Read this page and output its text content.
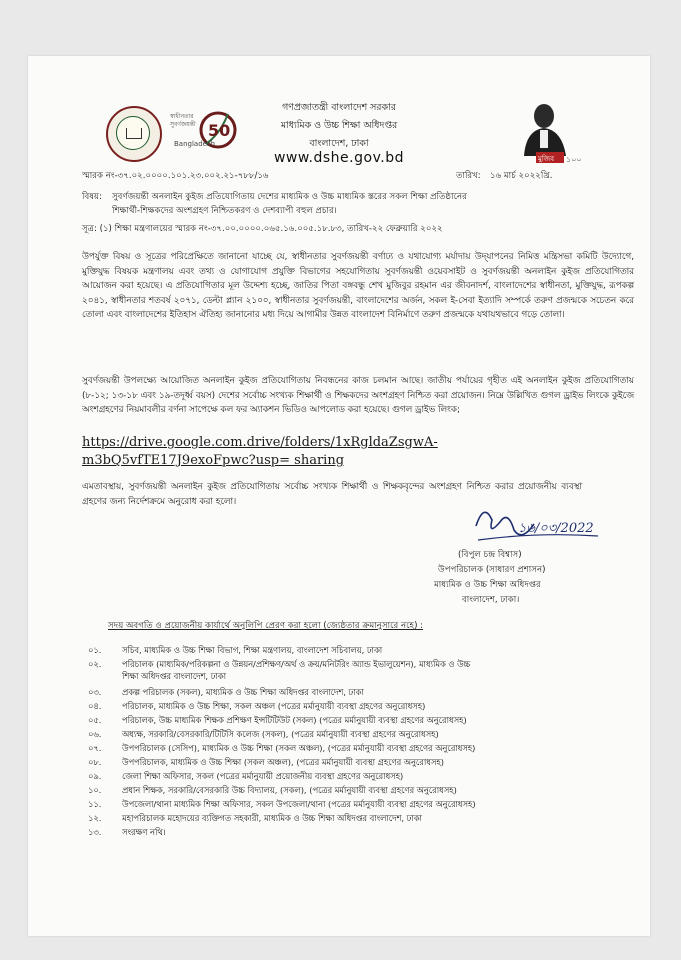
স্বাধীনতার
সুবর্ণজয়ন্তী
Bangladesh
50
মুজিব ১০০
গণপ্রজাতন্ত্রী বাংলাদেশ সরকার
মাধ্যমিক ও উচ্চ শিক্ষা অধিদপ্তর
বাংলাদেশ, ঢাকা
www.dshe.gov.bd
স্মারক নং-৩৭.০২.০০০০.১০১.২৩.০০২.২১-৭৮৮/১৬	তারিখ: ১৬ মার্চ ২০২২খ্রি.
বিষয়: সুবর্ণজয়ন্তী অনলাইন কুইজ প্রতিযোগিতায় দেশের মাধ্যমিক ও উচ্চ মাধ্যমিক স্তরের সকল শিক্ষা প্রতিষ্ঠানের
শিক্ষার্থী-শিক্ষকদের অংশগ্রহণ নিশ্চিতকরণ ও দেশব্যাপী বহুল প্রচার।
সূত্র: (১) শিক্ষা মন্ত্রণালয়ের স্মারক নং-৩৭.০০.০০০০.০৬৫.১৬.০০৫.১৮.৮৩, তারিখ-২২ ফেব্রুয়ারি ২০২২
উপর্যুক্ত বিষয় ও সূত্রের পরিপ্রেক্ষিতে জানানো যাচ্ছে যে, স্বাধীনতার সুবর্ণজয়ন্তী বর্ণাঢ্য ও যথাযোগ্য মর্যাদায় উদ্‌যাপনের নিমিত্ত মন্ত্রিসভা কমিটি উদ্যোগে, মুক্তিযুদ্ধ বিষয়ক মন্ত্রণালয় এবং তথ্য ও যোগাযোগ প্রযুক্তি বিভাগের সহযোগিতায় সুবর্ণজয়ন্তী ওয়েবসাইট ও সুবর্ণজয়ন্তী অনলাইন কুইজ প্রতিযোগিতার আয়োজন করা হয়েছে। এ প্রতিযোগিতার মূল উদ্দেশ্য হচ্ছে, জাতির পিতা বঙ্গবন্ধু শেখ মুজিবুর রহমান এর জীবনাদর্শ, বাংলাদেশের স্বাধীনতা, মুক্তিযুদ্ধ, রূপকল্প ২০৪১, স্বাধীনতার শতবর্ষ ২০৭১, ডেল্টা প্ল্যান ২১০০, স্বাধীনতার সুবর্ণজয়ন্তী, বাংলাদেশের অর্জন, সকল ই-সেবা ইত্যাদি সম্পর্কে তরুণ প্রজন্মকে সচেতন করে তোলা এবং বাংলাদেশের ইতিহাস ঐতিহ্য জানানোর মধ্য দিয়ে আগামীর উন্নত বাংলাদেশ বিনির্মাণে তরুণ প্রজন্মকে যথাযথভাবে গড়ে তোলা।
সুবর্ণজয়ন্তী উপলক্ষ্যে আয়োজিত অনলাইন কুইজ প্রতিযোগিতায় নিবন্ধনের কাজ চলমান আছে। জাতীয় পর্যায়ের গৃহীত এই অনলাইন কুইজ প্রতিযোগিতায় (৮-১২; ১৩-১৮ এবং ১৯-তদূর্ধ্ব বয়স) দেশের সর্বোচ্চ সংখ্যক শিক্ষার্থী ও শিক্ষকদের অংশগ্রহণ নিশ্চিত করা প্রয়োজন। নিম্নে উল্লিখিত গুগল ড্রাইভ লিংকে কুইজে অংশগ্রহণের নিয়মাবলীর বর্ণনা সাপেক্ষে কল ফর অ্যাকশন ভিডিও আপলোড করা হয়েছে। গুগল ড্রাইভ লিংক;
https://drive.google.com.drive/folders/1xRgldaZsgwA-
m3bQ5vfTE17J9exoFpwc?usp= sharing
এমতাবস্থায়, সুবর্ণজয়ন্তী অনলাইন কুইজ প্রতিযোগিতায় সর্বোচ্চ সংখ্যক শিক্ষার্থী ও শিক্ষকবৃন্দের অংশগ্রহণ নিশ্চিত করার প্রয়োজনীয় ব্যবস্থা গ্রহণের জন্য নির্দেশক্রমে অনুরোধ করা হলো।
১৬/০৩/2022
(বিপুল চন্দ্র বিশ্বাস)
উপপরিচালক (সাধারণ প্রশাসন)
মাধ্যমিক ও উচ্চ শিক্ষা অধিদপ্তর
বাংলাদেশ, ঢাকা।
সদয় অবগতি ও প্রয়োজনীয় কার্যার্থে অনুলিপি প্রেরণ করা হলো (জ্যেষ্ঠতার ক্রমানুসারে নহে) :
০১.	সচিব, মাধ্যমিক ও উচ্চ শিক্ষা বিভাগ, শিক্ষা মন্ত্রণালয়, বাংলাদেশ সচিবালয়, ঢাকা
০২.	পরিচালক (মাধ্যমিক/পরিকল্পনা ও উন্নয়ন/প্রশিক্ষণ/অর্থ ও ক্রয়/মনিটরিং অ্যান্ড ইভালুয়েশন), মাধ্যমিক ও উচ্চ
শিক্ষা অধিদপ্তর বাংলাদেশ, ঢাকা
০৩.	প্রকল্প পরিচালক (সকল), মাধ্যমিক ও উচ্চ শিক্ষা অধিদপ্তর বাংলাদেশ, ঢাকা
০৪.	পরিচালক, মাধ্যমিক ও উচ্চ শিক্ষা, সকল অঞ্চল (পত্রের মর্মানুযায়ী ব্যবস্থা গ্রহণের অনুরোধসহ)
০৫.	পরিচালক, উচ্চ মাধ্যমিক শিক্ষক প্রশিক্ষণ ইন্সটিটিউট (সকল) (পত্রের মর্মানুযায়ী ব্যবস্থা গ্রহণের অনুরোধসহ)
০৬.	অধ্যক্ষ, সরকারি/বেসরকারি/টিটিসি কলেজ (সকল), (পত্রের মর্মানুযায়ী ব্যবস্থা গ্রহণের অনুরোধসহ)
০৭.	উপপরিচালক (সেসিপ), মাধ্যমিক ও উচ্চ শিক্ষা (সকল অঞ্চল), (পত্রের মর্মানুযায়ী ব্যবস্থা গ্রহণের অনুরোধসহ)
০৮.	উপপরিচালক, মাধ্যমিক ও উচ্চ শিক্ষা (সকল অঞ্চল), (পত্রের মর্মানুযায়ী ব্যবস্থা গ্রহণের অনুরোধসহ)
০৯.	জেলা শিক্ষা অফিসার, সকল (পত্রের মর্মানুযায়ী প্রয়োজনীয় ব্যবস্থা গ্রহণের অনুরোধসহ)
১০.	প্রধান শিক্ষক, সরকারি/বেসরকারি উচ্চ বিদ্যালয়, (সকল), (পত্রের মর্মানুযায়ী ব্যবস্থা গ্রহণের অনুরোধসহ)
১১.	উপজেলা/থানা মাধ্যমিক শিক্ষা অফিসার, সকল উপজেলা/থানা (পত্রের মর্মানুযায়ী ব্যবস্থা গ্রহণের অনুরোধসহ)
১২.	মহাপরিচালক মহোদয়ের ব্যক্তিগত সহকারী, মাধ্যমিক ও উচ্চ শিক্ষা অধিদপ্তর বাংলাদেশ, ঢাকা
১৩.	সংরক্ষণ নথি।
